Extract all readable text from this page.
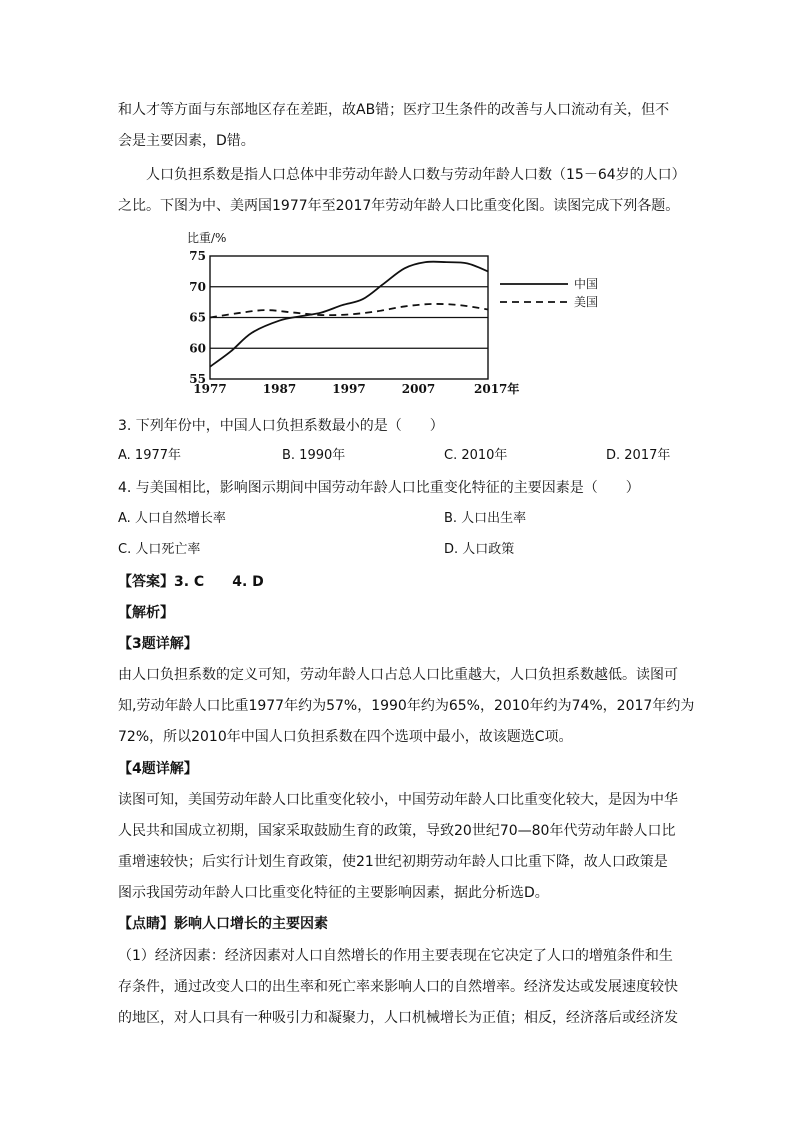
和人才等方面与东部地区存在差距，故AB错；医疗卫生条件的改善与人口流动有关，但不
会是主要因素，D错。
人口负担系数是指人口总体中非劳动年龄人口数与劳动年龄人口数（15－64岁的人口）
之比。下图为中、美两国1977年至2017年劳动年龄人口比重变化图。读图完成下列各题。
比重/%
75
70
65
60
55
1977	1987	1997	2007	2017年
中国
美国
3. 下列年份中，中国人口负担系数最小的是（　　）
A. 1977年	B. 1990年	C. 2010年	D. 2017年
4. 与美国相比，影响图示期间中国劳动年龄人口比重变化特征的主要因素是（　　）
A. 人口自然增长率	B. 人口出生率
C. 人口死亡率	D. 人口政策
【答案】3. C　　4. D
【解析】
【3题详解】
由人口负担系数的定义可知，劳动年龄人口占总人口比重越大，人口负担系数越低。读图可
知,劳动年龄人口比重1977年约为57%，1990年约为65%，2010年约为74%，2017年约为
72%，所以2010年中国人口负担系数在四个选项中最小，故该题选C项。
【4题详解】
读图可知，美国劳动年龄人口比重变化较小，中国劳动年龄人口比重变化较大，是因为中华
人民共和国成立初期，国家采取鼓励生育的政策，导致20世纪70—80年代劳动年龄人口比
重增速较快；后实行计划生育政策，使21世纪初期劳动年龄人口比重下降，故人口政策是
图示我国劳动年龄人口比重变化特征的主要影响因素，据此分析选D。
【点睛】影响人口增长的主要因素
（1）经济因素：经济因素对人口自然增长的作用主要表现在它决定了人口的增殖条件和生
存条件，通过改变人口的出生率和死亡率来影响人口的自然增率。经济发达或发展速度较快
的地区，对人口具有一种吸引力和凝聚力，人口机械增长为正值；相反，经济落后或经济发
